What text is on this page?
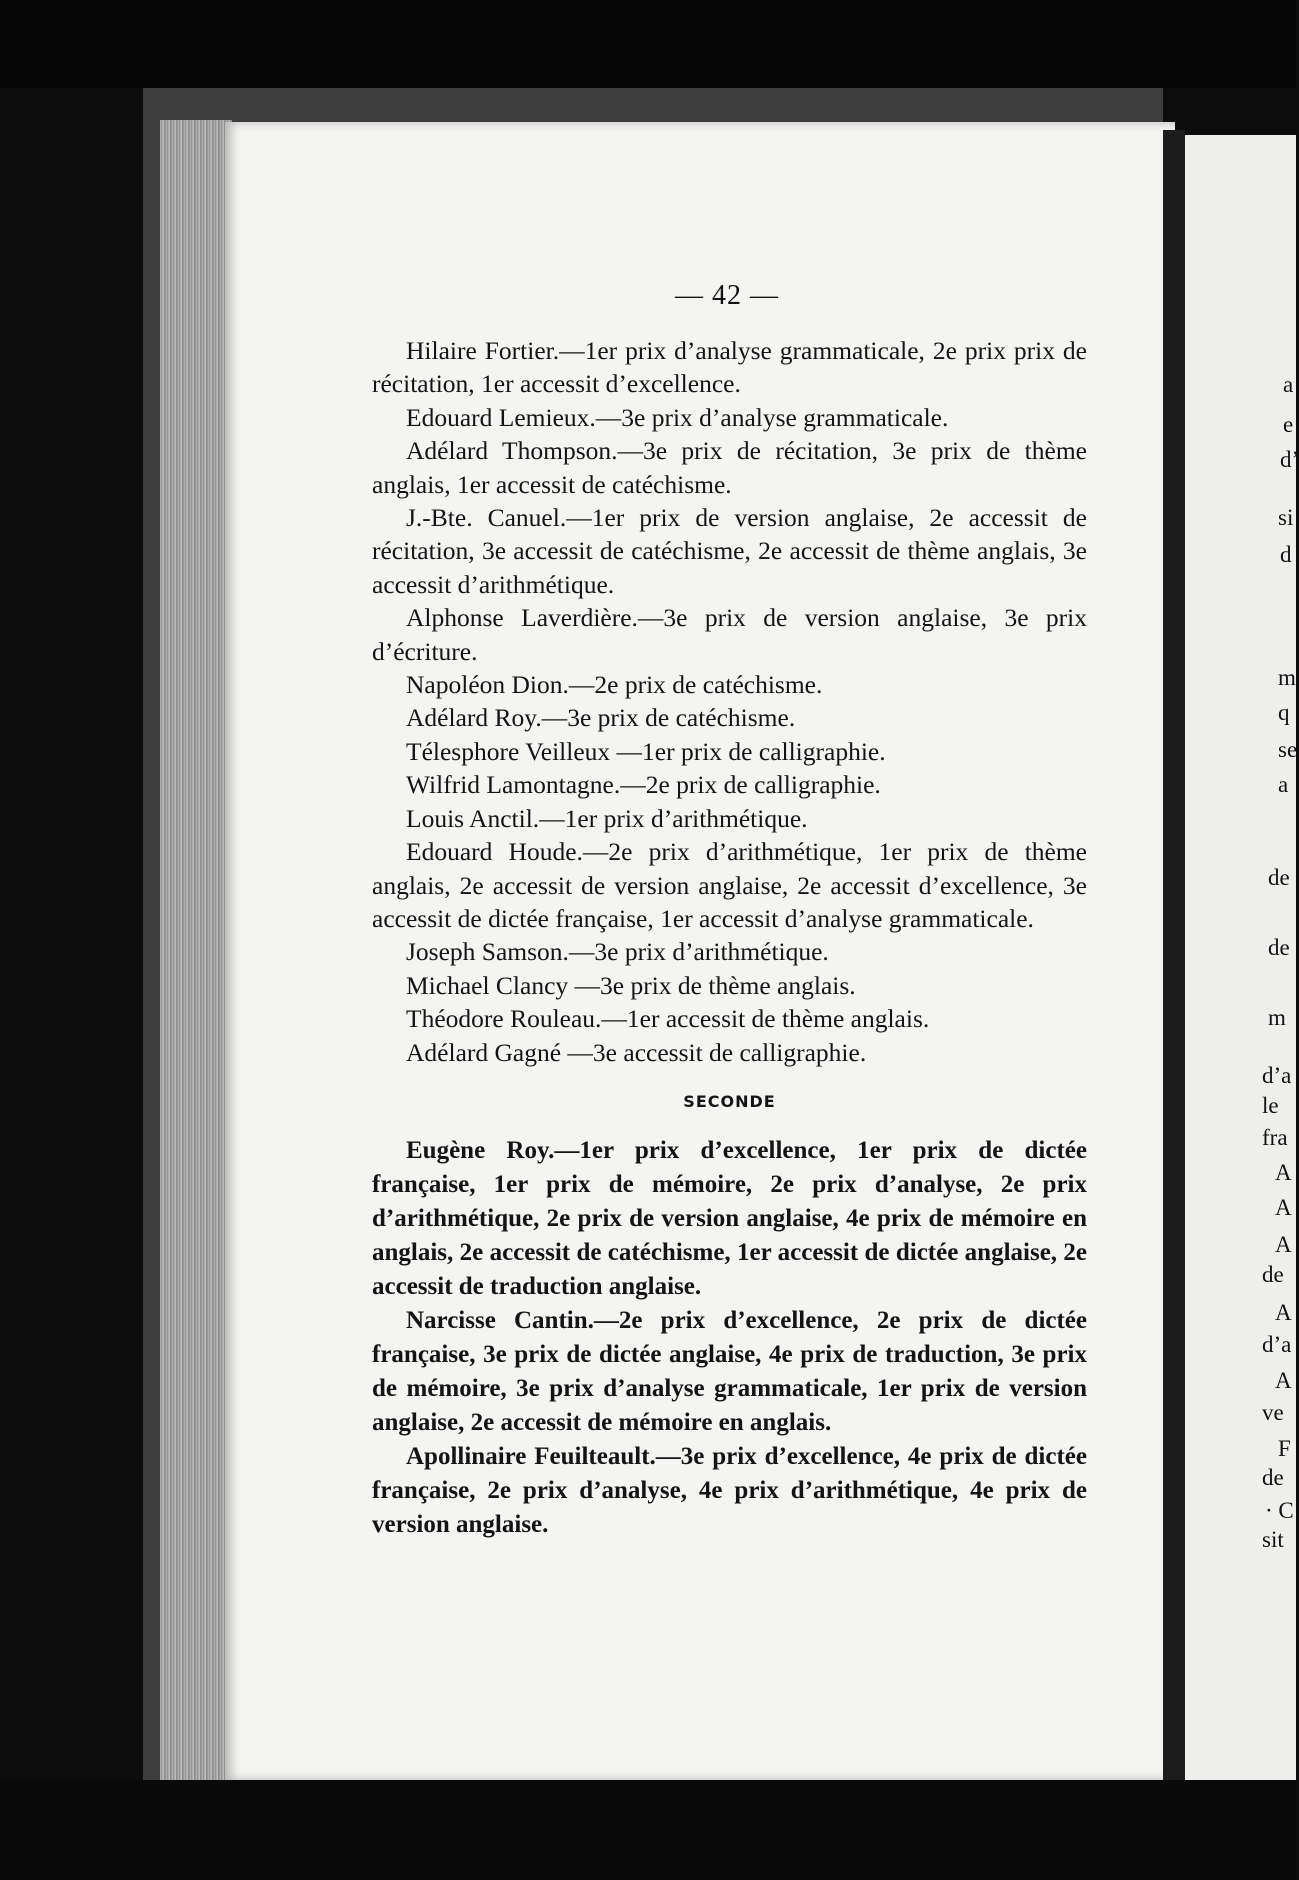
— 42 —

Hilaire Fortier.—1er prix d’analyse grammaticale, 2e prix prix de récitation, 1er accessit d’excellence.

Edouard Lemieux.—3e prix d’analyse grammaticale.

Adélard Thompson.—3e prix de récitation, 3e prix de thème anglais, 1er accessit de catéchisme.

J.-Bte. Canuel.—1er prix de version anglaise, 2e accessit de récitation, 3e accessit de catéchisme, 2e accessit de thème anglais, 3e accessit d’arithmétique.

Alphonse Laverdière.—3e prix de version anglaise, 3e prix d’écriture.

Napoléon Dion.—2e prix de catéchisme.

Adélard Roy.—3e prix de catéchisme.

Télesphore Veilleux —1er prix de calligraphie.

Wilfrid Lamontagne.—2e prix de calligraphie.

Louis Anctil.—1er prix d’arithmétique.

Edouard Houde.—2e prix d’arithmétique, 1er prix de thème anglais, 2e accessit de version anglaise, 2e accessit d’excellence, 3e accessit de dictée française, 1er accessit d’analyse grammaticale.

Joseph Samson.—3e prix d’arithmétique.

Michael Clancy —3e prix de thème anglais.

Théodore Rouleau.—1er accessit de thème anglais.

Adélard Gagné —3e accessit de calligraphie.

SECONDE

Eugène Roy.—1er prix d’excellence, 1er prix de dictée française, 1er prix de mémoire, 2e prix d’analyse, 2e prix d’arithmétique, 2e prix de version anglaise, 4e prix de mémoire en anglais, 2e accessit de catéchisme, 1er accessit de dictée anglaise, 2e accessit de traduction anglaise.

Narcisse Cantin.—2e prix d’excellence, 2e prix de dictée française, 3e prix de dictée anglaise, 4e prix de traduction, 3e prix de mémoire, 3e prix d’analyse grammaticale, 1er prix de version anglaise, 2e accessit de mémoire en anglais.

Apollinaire Feuilteault.—3e prix d’excellence, 4e prix de dictée française, 2e prix d’analyse, 4e prix d’arithmétique, 4e prix de version anglaise.

a
e
d’
si
d
m
q
se
a
de
de
m
d’a
le
fra
A
A
A
de
A
d’a
A
ve
F
de
· C
sit
